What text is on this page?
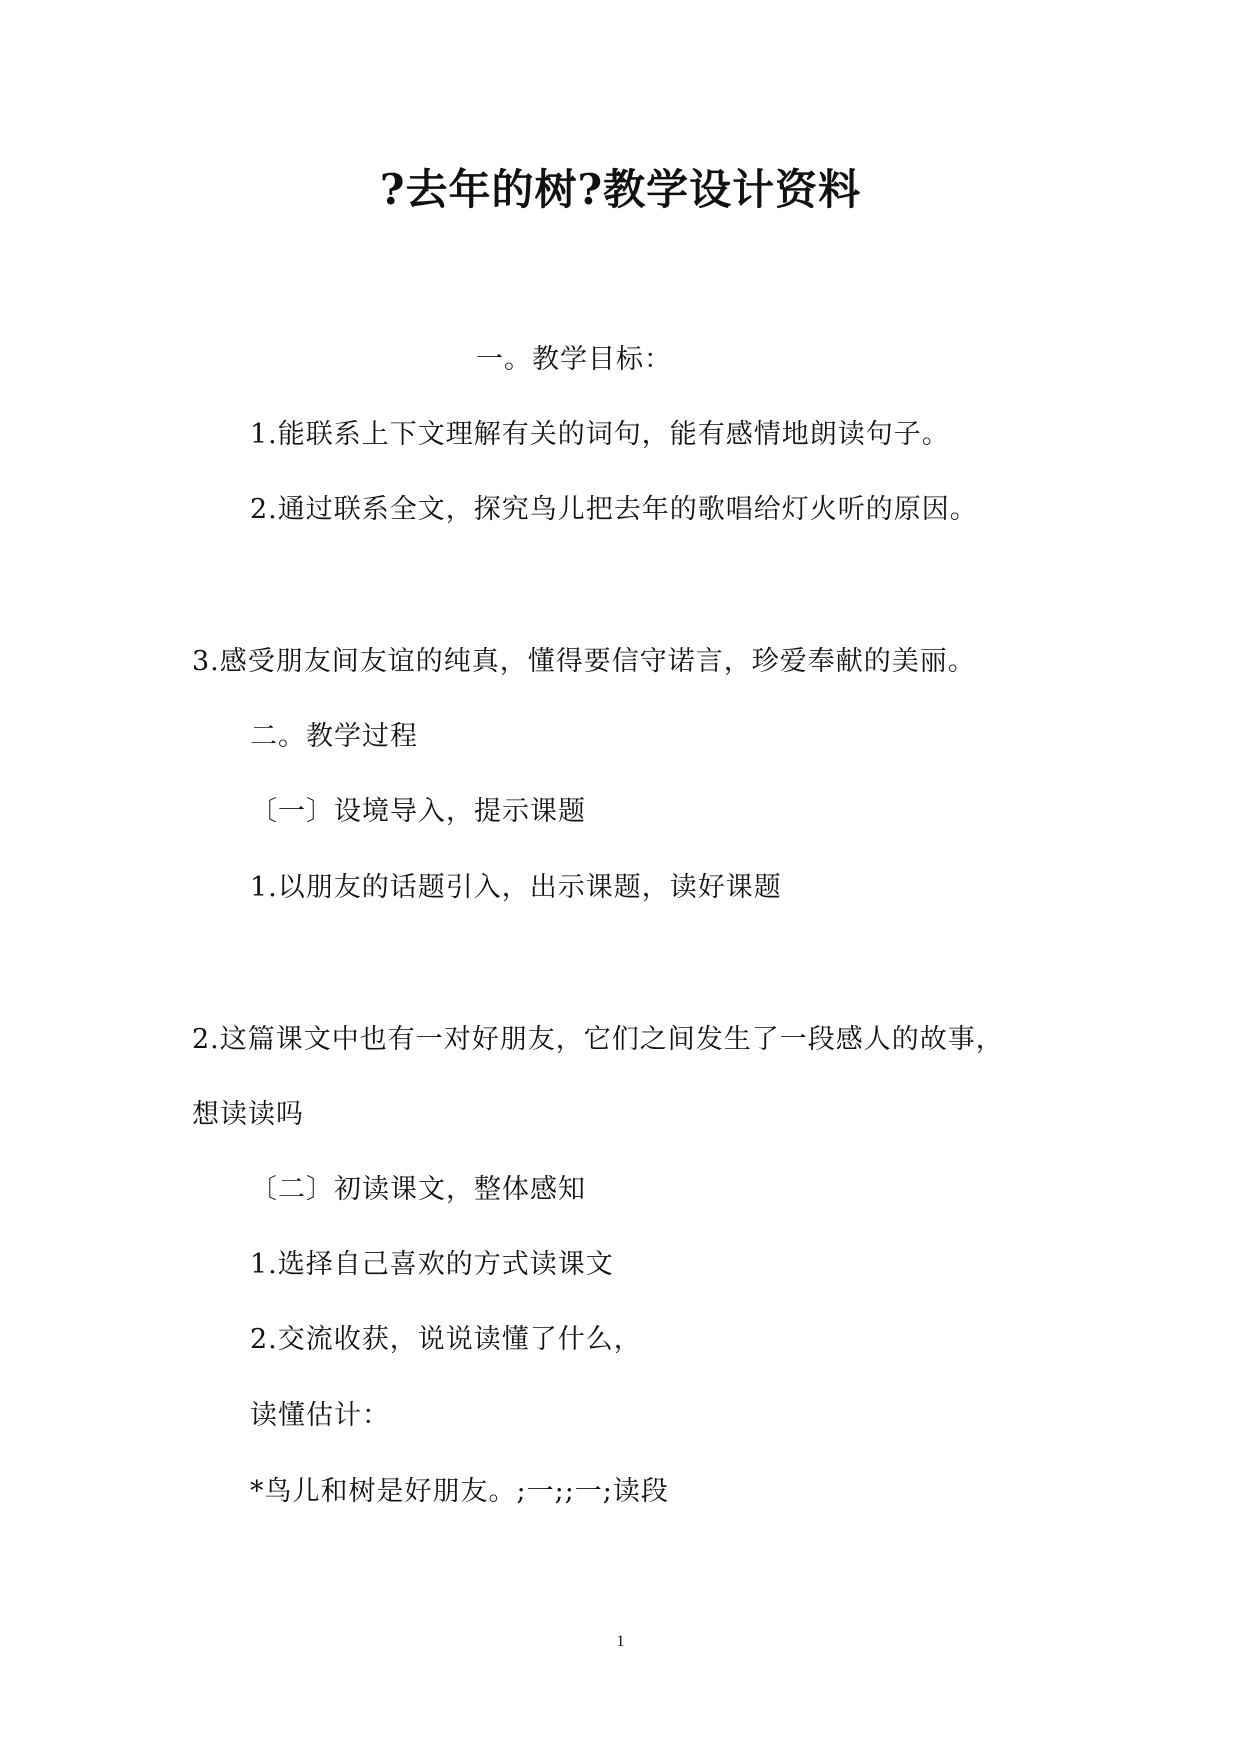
?去年的树?教学设计资料
一。教学目标：
1.能联系上下文理解有关的词句，能有感情地朗读句子。
2.通过联系全文，探究鸟儿把去年的歌唱给灯火听的原因。
3.感受朋友间友谊的纯真，懂得要信守诺言，珍爱奉献的美丽。
二。教学过程
〔一〕设境导入，提示课题
1.以朋友的话题引入，出示课题，读好课题
2.这篇课文中也有一对好朋友，它们之间发生了一段感人的故事，
想读读吗
〔二〕初读课文，整体感知
1.选择自己喜欢的方式读课文
2.交流收获，说说读懂了什么，
读懂估计：
*鸟儿和树是好朋友。;一;;一;读段
1
